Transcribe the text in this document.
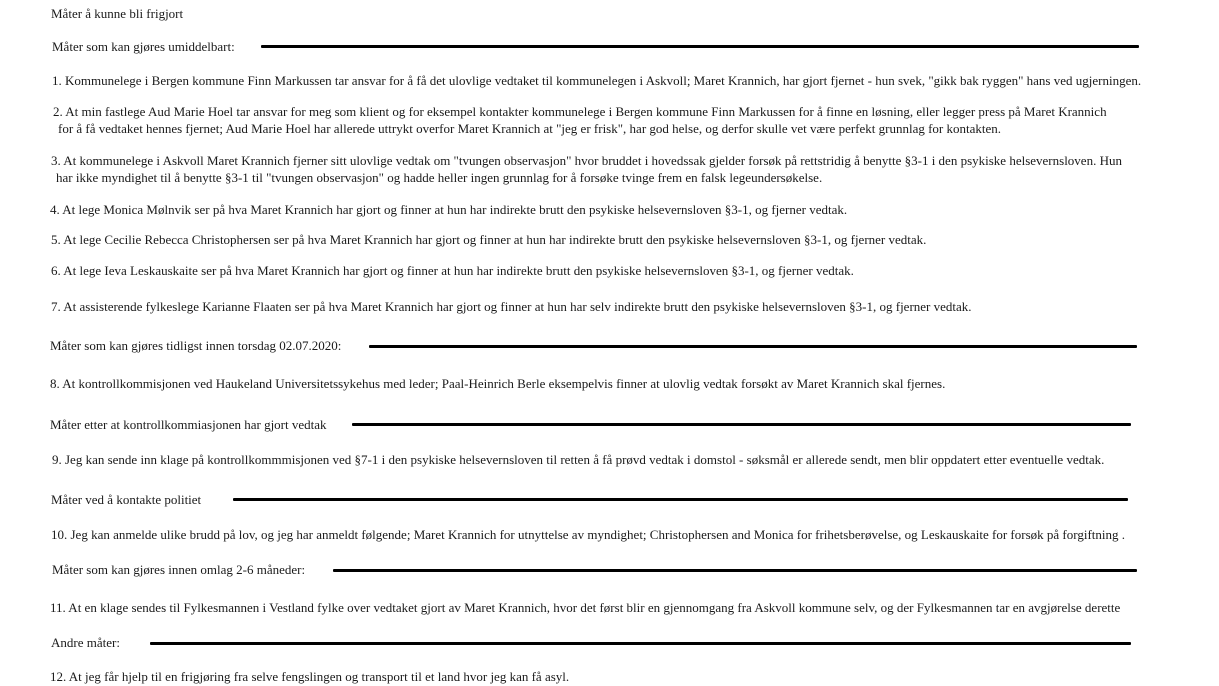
Måter å kunne bli frigjort

Måter som kan gjøres umiddelbart:

1. Kommunelege i Bergen kommune Finn Markussen tar ansvar for å få det ulovlige vedtaket til kommunelegen i Askvoll; Maret Krannich, har gjort fjernet - hun svek, "gikk bak ryggen" hans ved ugjerningen.

2. At min fastlege Aud Marie Hoel tar ansvar for meg som klient og for eksempel kontakter kommunelege i Bergen kommune Finn Markussen for å finne en løsning, eller legger press på Maret Krannich
for å få vedtaket hennes fjernet; Aud Marie Hoel har allerede uttrykt overfor Maret Krannich at "jeg er frisk", har god helse, og derfor skulle vet være perfekt grunnlag for kontakten.

3. At kommunelege i Askvoll Maret Krannich fjerner sitt ulovlige vedtak om "tvungen observasjon" hvor bruddet i hovedssak gjelder forsøk på rettstridig å benytte §3-1 i den psykiske helsevernsloven. Hun
har ikke myndighet til å benytte §3-1 til "tvungen observasjon" og hadde heller ingen grunnlag for å forsøke tvinge frem en falsk legeundersøkelse.

4. At lege Monica Mølnvik ser på hva Maret Krannich har gjort og finner at hun har indirekte brutt den psykiske helsevernsloven §3-1, og fjerner vedtak.

5. At lege Cecilie Rebecca Christophersen ser på hva Maret Krannich har gjort og finner at hun har indirekte brutt den psykiske helsevernsloven §3-1, og fjerner vedtak.

6. At lege Ieva Leskauskaite ser på hva Maret Krannich har gjort og finner at hun har indirekte brutt den psykiske helsevernsloven §3-1, og fjerner vedtak.

7. At assisterende fylkeslege Karianne Flaaten ser på hva Maret Krannich har gjort og finner at hun har selv indirekte brutt den psykiske helsevernsloven §3-1, og fjerner vedtak.

Måter som kan gjøres tidligst innen torsdag 02.07.2020:

8. At kontrollkommisjonen ved Haukeland Universitetssykehus med leder; Paal-Heinrich Berle eksempelvis finner at ulovlig vedtak forsøkt av Maret Krannich skal fjernes.

Måter etter at kontrollkommiasjonen har gjort vedtak

9. Jeg kan sende inn klage på kontrollkommmisjonen ved §7-1 i den psykiske helsevernsloven til retten å få prøvd vedtak i domstol - søksmål er allerede sendt, men blir oppdatert etter eventuelle vedtak.

Måter ved å kontakte politiet

10. Jeg kan anmelde ulike brudd på lov, og jeg har anmeldt følgende; Maret Krannich for utnyttelse av myndighet; Christophersen and Monica for frihetsberøvelse, og Leskauskaite for forsøk på forgiftning .

Måter som kan gjøres innen omlag 2-6 måneder:

11. At en klage sendes til Fylkesmannen i Vestland fylke over vedtaket gjort av Maret Krannich, hvor det først blir en gjennomgang fra Askvoll kommune selv, og der Fylkesmannen tar en avgjørelse derette

Andre måter:

12. At jeg får hjelp til en frigjøring fra selve fengslingen og transport til et land hvor jeg kan få asyl.
